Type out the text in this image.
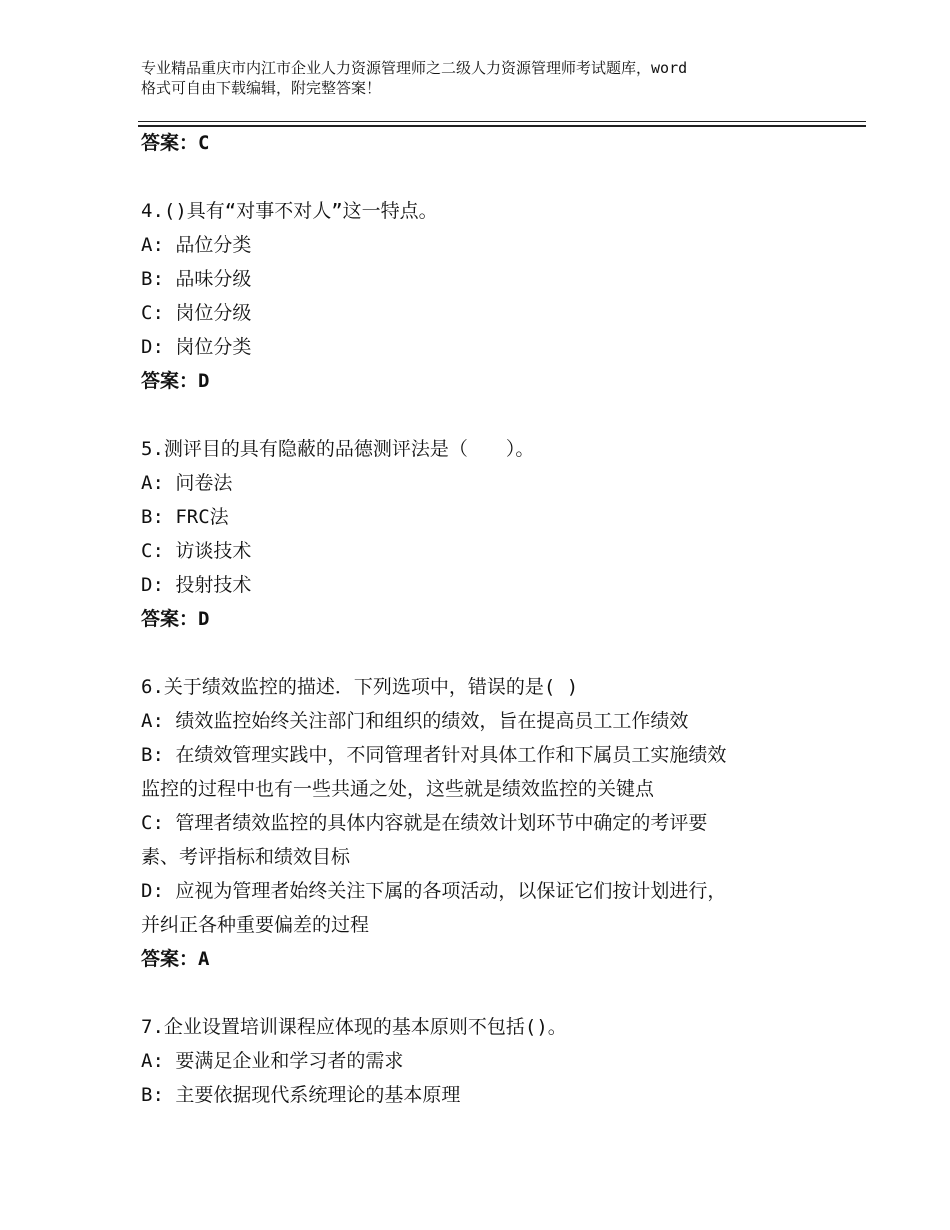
专业精品重庆市内江市企业人力资源管理师之二级人力资源管理师考试题库，word
格式可自由下载编辑，附完整答案！
答案：C
4.()具有“对事不对人”这一特点。
A: 品位分类
B: 品味分级
C: 岗位分级
D: 岗位分类
答案：D
5.测评目的具有隐蔽的品德测评法是（　　）。
A: 问卷法
B: FRC法
C: 访谈技术
D: 投射技术
答案：D
6.关于绩效监控的描述．下列选项中，错误的是( )
A: 绩效监控始终关注部门和组织的绩效，旨在提高员工工作绩效
B: 在绩效管理实践中，不同管理者针对具体工作和下属员工实施绩效
监控的过程中也有一些共通之处，这些就是绩效监控的关键点
C: 管理者绩效监控的具体内容就是在绩效计划环节中确定的考评要
素、考评指标和绩效目标
D: 应视为管理者始终关注下属的各项活动，以保证它们按计划进行，
并纠正各种重要偏差的过程
答案：A
7.企业设置培训课程应体现的基本原则不包括()。
A: 要满足企业和学习者的需求
B: 主要依据现代系统理论的基本原理
